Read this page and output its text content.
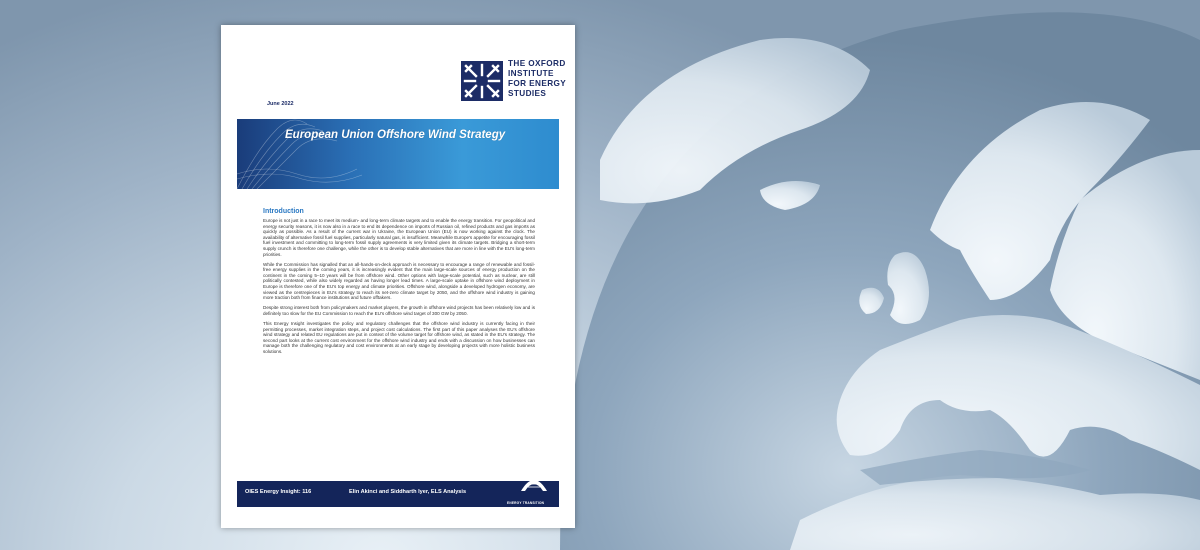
THE OXFORD
INSTITUTE
FOR ENERGY
STUDIES
June 2022
European Union Offshore Wind Strategy
Introduction

Europe is not just in a race to meet its medium- and long-term climate targets and to enable the energy transition. For geopolitical and energy security reasons, it is now also in a race to end its dependence on imports of Russian oil, refined products and gas imports as quickly as possible. As a result of the current war in Ukraine, the European Union (EU) is now working against the clock. The availability of alternative fossil fuel supplies, particularly natural gas, is insufficient. Meanwhile Europe's appetite for encouraging fossil fuel investment and committing to long-term fossil supply agreements is very limited given its climate targets. Bridging a short-term supply crunch is therefore one challenge, while the other is to develop stable alternatives that are more in line with the EU's long-term priorities.

While the Commission has signalled that an all-hands-on-deck approach is necessary to encourage a range of renewable and fossil-free energy supplies in the coming years, it is increasingly evident that the main large-scale sources of energy production on the continent in the coming 5–10 years will be from offshore wind. Other options with large-scale potential, such as nuclear, are still politically contested, while also widely regarded as having longer lead times. A large-scale uptake in offshore wind deployment in Europe is therefore one of the EU's top energy and climate priorities. Offshore wind, alongside a developed hydrogen economy, are viewed as the centrepieces in EU's strategy to reach its net-zero climate target by 2050, and the offshore wind industry is gaining more traction both from finance institutions and future offtakers.

Despite strong interest both from policymakers and market players, the growth in offshore wind projects has been relatively low and is definitely too slow for the EU Commission to reach the EU's offshore wind target of 300 GW by 2050.

This Energy Insight investigates the policy and regulatory challenges that the offshore wind industry is currently facing in their permitting processes, market integration steps, and project cost calculations. The first part of this paper analyses the EU's offshore wind strategy and related EU regulations are put in context of the volume target for offshore wind, as stated in the EU's strategy. The second part looks at the current cost environment for the offshore wind industry and ends with a discussion on how businesses can manage both the challenging regulatory and cost environments at an early stage by developing projects with more holistic business solutions.

OIES Energy Insight: 116	Elin Akinci and Siddharth Iyer, ELS Analysis
ENERGY TRANSITION
